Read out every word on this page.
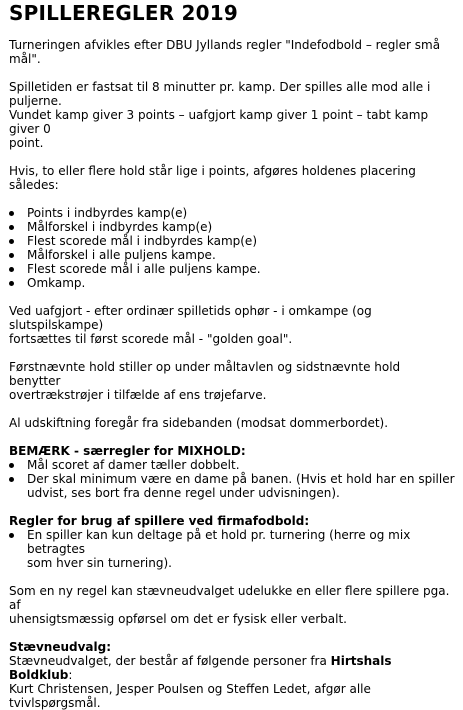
SPILLEREGLER 2019

Turneringen afvikles efter DBU Jyllands regler "Indefodbold – regler små mål".

Spilletiden er fastsat til 8 minutter pr. kamp. Der spilles alle mod alle i puljerne.

Vundet kamp giver 3 points – uafgjort kamp giver 1 point – tabt kamp giver 0

point.

Hvis, to eller flere hold står lige i points, afgøres holdenes placering således:

Points i indbyrdes kamp(e)
Målforskel i indbyrdes kamp(e)
Flest scorede mål i indbyrdes kamp(e)
Målforskel i alle puljens kampe.
Flest scorede mål i alle puljens kampe.
Omkamp.

Ved uafgjort - efter ordinær spilletids ophør - i omkampe (og slutspilskampe)

fortsættes til først scorede mål - "golden goal".

Førstnævnte hold stiller op under måltavlen og sidstnævnte hold benytter

overtrækstrøjer i tilfælde af ens trøjefarve.

Al udskiftning foregår fra sidebanden (modsat dommerbordet).

BEMÆRK - særregler for MIXHOLD:

Mål scoret af damer tæller dobbelt.
Der skal minimum være en dame på banen. (Hvis et hold har en spiller
udvist, ses bort fra denne regel under udvisningen).

Regler for brug af spillere ved firmafodbold:

En spiller kan kun deltage på et hold pr. turnering (herre og mix betragtes
som hver sin turnering).

Som en ny regel kan stævneudvalget udelukke en eller flere spillere pga. af

uhensigtsmæssig opførsel om det er fysisk eller verbalt.

Stævneudvalg:

Stævneudvalget, der består af følgende personer fra Hirtshals Boldklub:

Kurt Christensen, Jesper Poulsen og Steffen Ledet, afgør alle tvivlspørgsmål.
